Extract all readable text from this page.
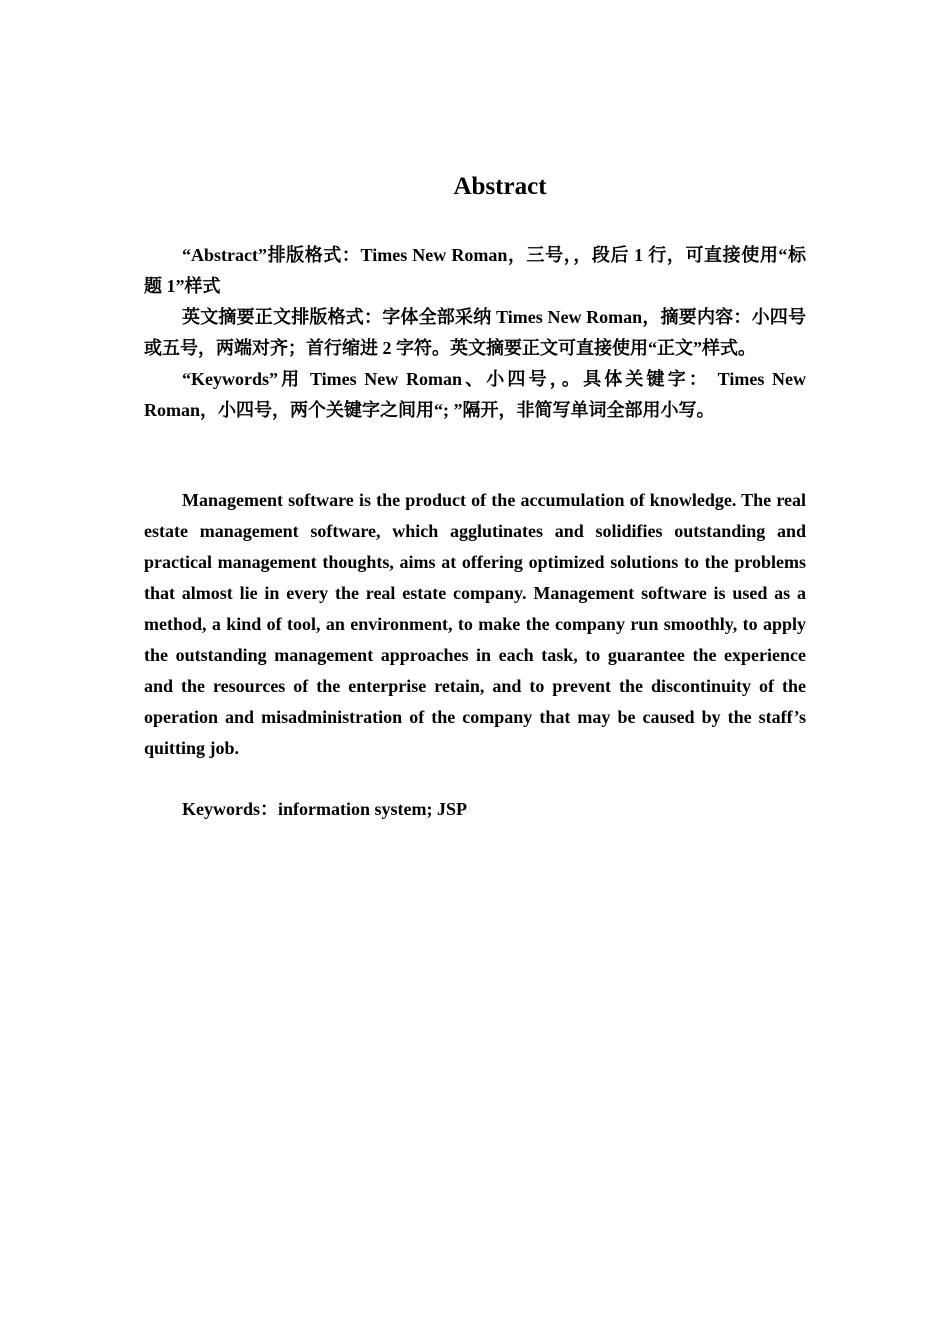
Abstract

“Abstract”排版格式：Times New Roman，三号，，段后 1 行，可直接使用“标题 1”样式

英文摘要正文排版格式：字体全部采纳 Times New Roman，摘要内容：小四号或五号，两端对齐；首行缩进 2 字符。英文摘要正文可直接使用“正文”样式。

“Keywords”用 Times New Roman、小四号，。具体关键字： Times New Roman，小四号，两个关键字之间用“; ”隔开，非简写单词全部用小写。

Management software is the product of the accumulation of knowledge. The real estate management software, which agglutinates and solidifies outstanding and practical management thoughts, aims at offering optimized solutions to the problems that almost lie in every the real estate company. Management software is used as a method, a kind of tool, an environment, to make the company run smoothly, to apply the outstanding management approaches in each task, to guarantee the experience and the resources of the enterprise retain, and to prevent the discontinuity of the operation and misadministration of the company that may be caused by the staff’s quitting job.

Keywords：information system; JSP
